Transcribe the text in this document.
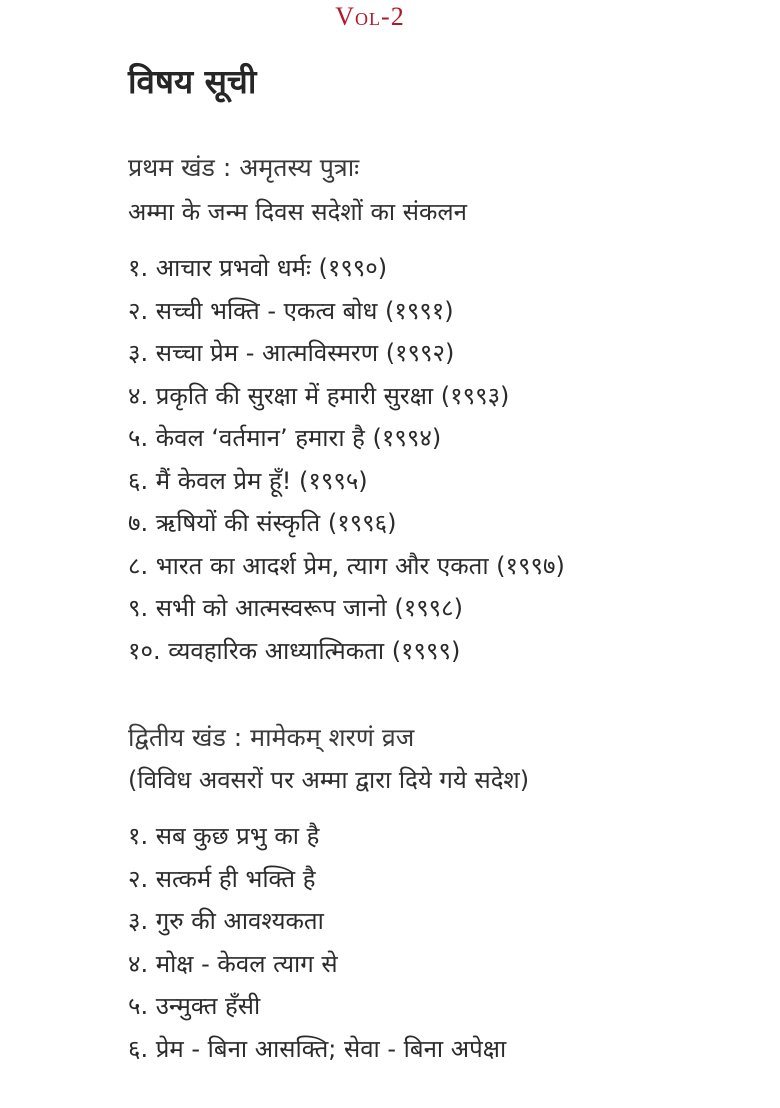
Vol-2
विषय सूची
प्रथम खंड : अमृतस्य पुत्राः
अम्मा के जन्म दिवस सदेशों का संकलन
१. आचार प्रभवो धर्मः (१९९०)
२. सच्ची भक्ति - एकत्व बोध (१९९१)
३. सच्चा प्रेम - आत्मविस्मरण (१९९२)
४. प्रकृति की सुरक्षा में हमारी सुरक्षा (१९९३)
५. केवल ‘वर्तमान’ हमारा है (१९९४)
६. मैं केवल प्रेम हूँ! (१९९५)
७. ऋषियों की संस्कृति (१९९६)
८. भारत का आदर्श प्रेम, त्याग और एकता (१९९७)
९. सभी को आत्मस्वरूप जानो (१९९८)
१०. व्यवहारिक आध्यात्मिकता (१९९९)
द्वितीय खंड : मामेकम् शरणं व्रज
(विविध अवसरों पर अम्मा द्वारा दिये गये सदेश)
१. सब कुछ प्रभु का है
२. सत्कर्म ही भक्ति है
३. गुरु की आवश्यकता
४. मोक्ष - केवल त्याग से
५. उन्मुक्त हँसी
६. प्रेम - बिना आसक्ति; सेवा - बिना अपेक्षा
